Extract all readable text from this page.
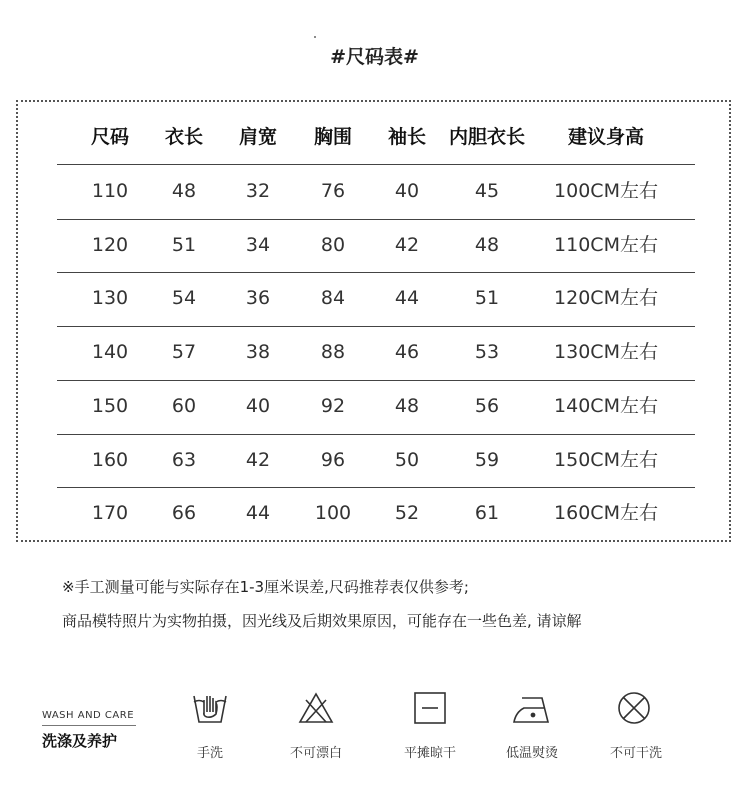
#尺码表#
尺码 衣长 肩宽 胸围 袖长 内胆衣长 建议身高
110 48	32	76	40	45	100CM左右
120 51	34	80	42	48	110CM左右
130 54	36	84	44	51	120CM左右
140 57	38	88	46	53	130CM左右
150 60	40	92	48	56	140CM左右
160 63	42	96	50	59	150CM左右
170 66	44 100 52	61	160CM左右
※手工测量可能与实际存在1-3厘米误差,尺码推荐表仅供参考;
商品模特照片为实物拍摄，因光线及后期效果原因，可能存在一些色差, 请谅解
WASH AND CARE
洗涤及养护
手洗	不可漂白	平摊晾干	低温熨烫	不可干洗
